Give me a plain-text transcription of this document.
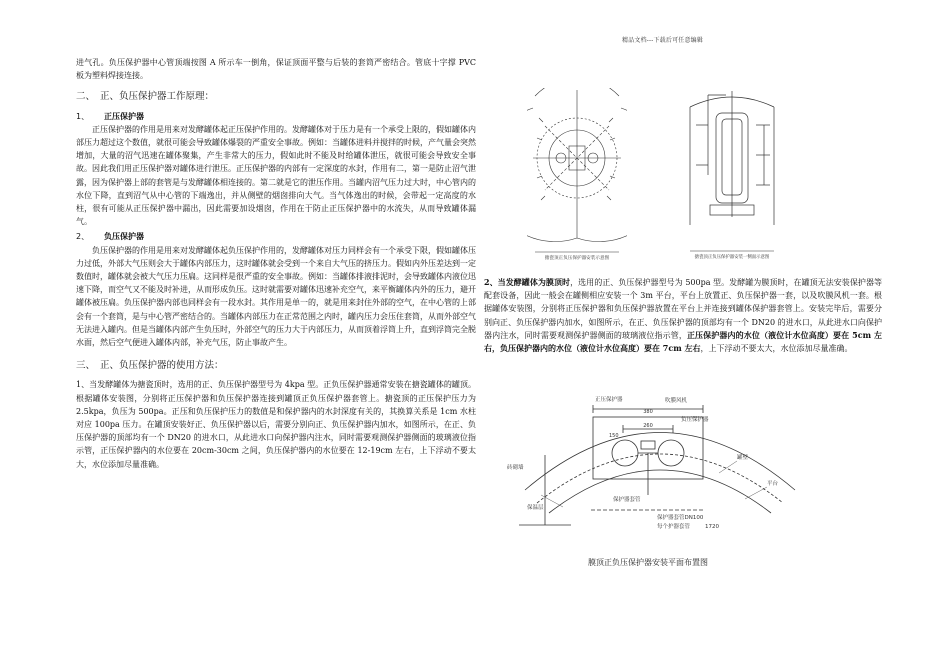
精品文档---下载后可任意编辑

进气孔。负压保护器中心管顶端按图 A 所示车一倒角，保证顶面平整与后装的套筒严密结合。管底十字撑 PVC 板为塑料焊接连接。

二、 正、负压保护器工作原理：

1、 正压保护器

正压保护器的作用是用来对发酵罐体起正压保护作用的。发酵罐体对于压力是有一个承受上限的，假如罐体内部压力超过这个数值，就很可能会导致罐体爆裂的严重安全事故。例如：当罐体进料并搅拌的时候，产气量会突然增加，大量的沼气迅速在罐体聚集，产生非常大的压力，假如此时不能及时给罐体泄压，就很可能会导致安全事故。因此我们用正压保护器对罐体进行泄压。正压保护器的内部有一定深度的水封，作用有二，第一是防止沼气泄露，因为保护器上部的套管是与发酵罐体相连接的。第二就是它的泄压作用。当罐内沼气压力过大时，中心管内的水位下降，直到沼气从中心管的下端逸出，并从侧壁的烟囱排向大气。当气体逸出的时候，会带起一定高度的水柱，很有可能从正压保护器中漏出，因此需要加设烟囱，作用在于防止正压保护器中的水流失，从而导致罐体漏气。

2、 负压保护器

负压保护器的作用是用来对发酵罐体起负压保护作用的，发酵罐体对压力同样会有一个承受下限，假如罐体压力过低，外部大气压则会大于罐体内部压力，这时罐体就会受到一个来自大气压的挤压力。假如内外压差达到一定数值时，罐体就会被大气压力压扁。这同样是很严重的安全事故。例如：当罐体排液排泥时，会导致罐体内液位迅速下降，而空气又不能及时补进，从而形成负压。这时就需要对罐体迅速补充空气，来平衡罐体内外的压力，避开罐体被压扁。负压保护器内部也同样会有一段水封。其作用是单一的，就是用来封住外部的空气，在中心管的上部会有一个套筒，是与中心管严密结合的。当罐体内部压力在正常范围之内时，罐内压力会压住套筒，从而外部空气无法进入罐内。但是当罐体内部产生负压时，外部空气的压力大于内部压力，从而顶着浮筒上升，直到浮筒完全脱水面，然后空气便进入罐体内部，补充气压，防止事故产生。

三、 正、负压保护器的使用方法：

1、当发酵罐体为搪瓷顶时，选用的正、负压保护器型号为 4kpa 型。正负压保护器通常安装在搪瓷罐体的罐顶。根据罐体安装图，分别将正压保护器和负压保护器连接到罐顶正负压保护器套管上。搪瓷顶的正压保护压力为 2.5kpa，负压为 500pa。正压和负压保护压力的数值是和保护器内的水封深度有关的，其换算关系是 1cm 水柱对应 100pa 压力。在罐顶安装好正、负压保护器以后，需要分别向正、负压保护器内加水，如图所示，在正、负压保护器的顶部均有一个 DN20 的进水口，从此进水口向保护器内注水，同时需要观测保护器侧面的玻璃液位指示管，正压保护器内的水位要在 20cm-30cm 之间，负压保护器内的水位要在 12-19cm 左右，上下浮动不要太大，水位添加尽量准确。

搪瓷顶正负压保护器安装示意图	搪瓷顶正负压保护器安装一侧面示意图

2、当发酵罐体为膜顶时，选用的正、负压保护器型号为 500pa 型。发酵罐为膜顶时，在罐顶无法安装保护器等配套设备，因此一般会在罐侧相应安装一个 3m 平台，平台上放置正、负压保护器一套，以及吹膜风机一套。根据罐体安装图，分别将正压保护器和负压保护器放置在平台上并连接到罐体保护器套管上。安装完毕后，需要分别向正、负压保护器内加水，如图所示，在正、负压保护器的顶部均有一个 DN20 的进水口，从此进水口向保护器内注水，同时需要观测保护器侧面的玻璃液位指示管，正压保护器内的水位（液位计水位高度）要在 5cm 左右，负压保护器内的水位（液位计水位高度）要在 7cm 左右，上下浮动不要太大，水位添加尽量准确。

吹膜风机
正压保护器
负压保护器
380
260
150
罐壁
砖砌墙
保温层
保护器套管
平台
保护器套管DN100
每个护器套管	1720
膜顶正负压保护器安装平面布置图
